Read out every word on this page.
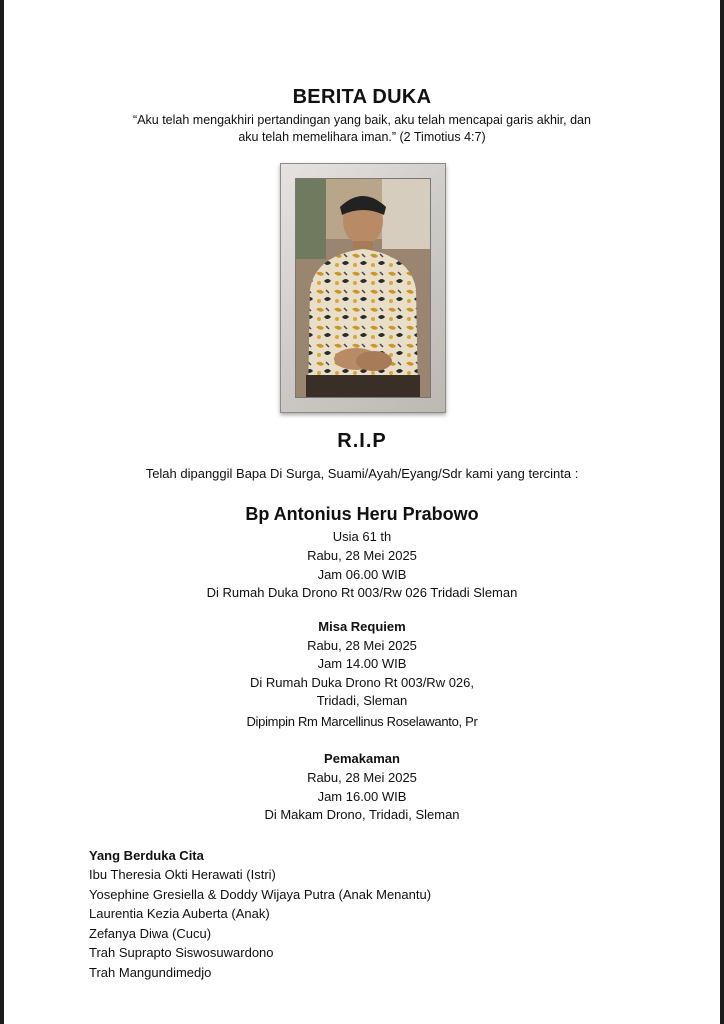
BERITA DUKA
“Aku telah mengakhiri pertandingan yang baik, aku telah mencapai garis akhir, dan
aku telah memelihara iman.” (2 Timotius 4:7)
R.I.P
Telah dipanggil Bapa Di Surga, Suami/Ayah/Eyang/Sdr kami yang tercinta :
Bp Antonius Heru Prabowo
Usia 61 th
Rabu, 28 Mei 2025
Jam 06.00 WIB
Di Rumah Duka Drono Rt 003/Rw 026 Tridadi Sleman
Misa Requiem
Rabu, 28 Mei 2025
Jam 14.00 WIB
Di Rumah Duka Drono Rt 003/Rw 026,
Tridadi, Sleman
Dipimpin Rm Marcellinus Roselawanto, Pr
Pemakaman
Rabu, 28 Mei 2025
Jam 16.00 WIB
Di Makam Drono, Tridadi, Sleman
Yang Berduka Cita
Ibu Theresia Okti Herawati (Istri)
Yosephine Gresiella & Doddy Wijaya Putra (Anak Menantu)
Laurentia Kezia Auberta (Anak)
Zefanya Diwa (Cucu)
Trah Suprapto Siswosuwardono
Trah Mangundimedjo
